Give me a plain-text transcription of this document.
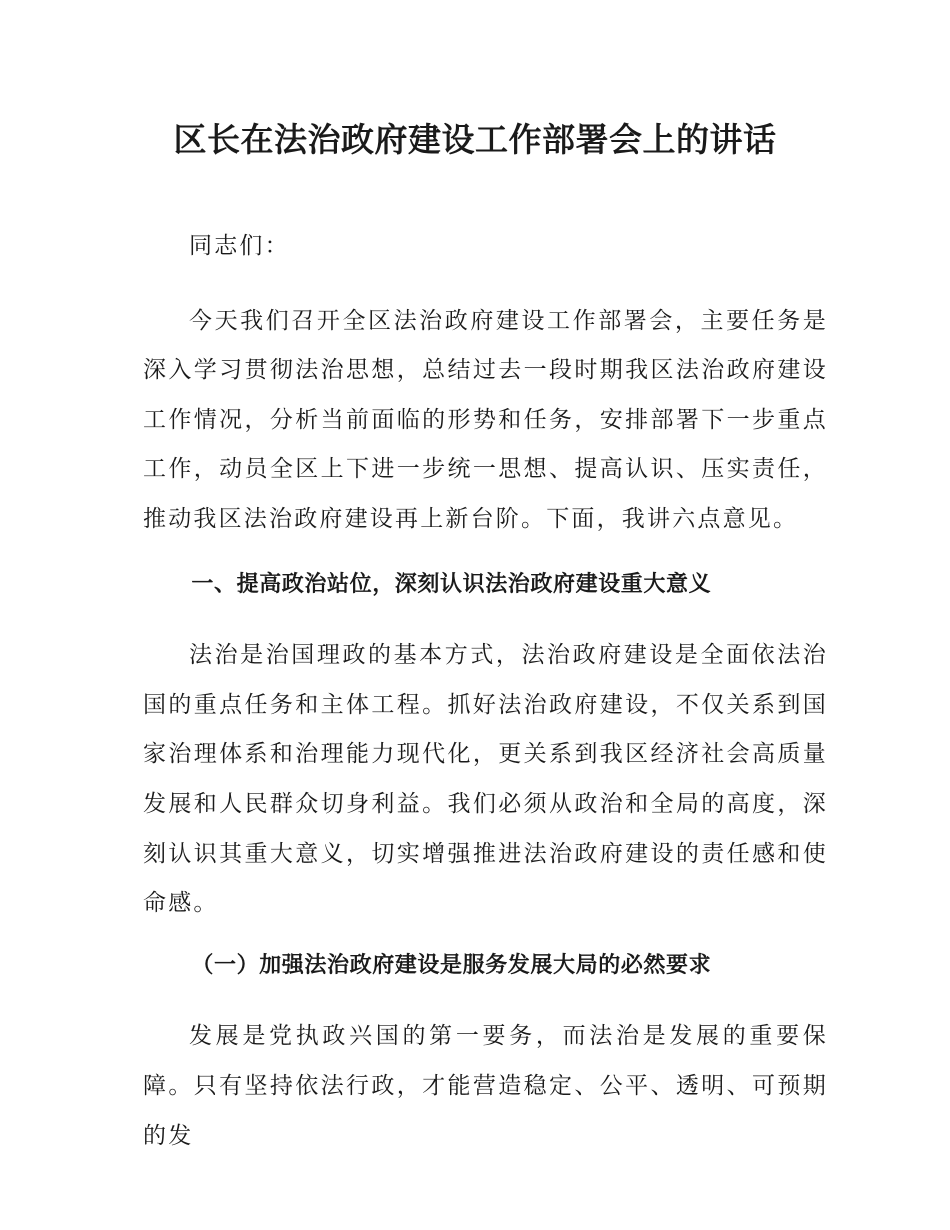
区长在法治政府建设工作部署会上的讲话

同志们：

今天我们召开全区法治政府建设工作部署会，主要任务是深入学习贯彻法治思想，总结过去一段时期我区法治政府建设工作情况，分析当前面临的形势和任务，安排部署下一步重点工作，动员全区上下进一步统一思想、提高认识、压实责任，推动我区法治政府建设再上新台阶。下面，我讲六点意见。

一、提高政治站位，深刻认识法治政府建设重大意义

法治是治国理政的基本方式，法治政府建设是全面依法治国的重点任务和主体工程。抓好法治政府建设，不仅关系到国家治理体系和治理能力现代化，更关系到我区经济社会高质量发展和人民群众切身利益。我们必须从政治和全局的高度，深刻认识其重大意义，切实增强推进法治政府建设的责任感和使命感。

（一）加强法治政府建设是服务发展大局的必然要求

发展是党执政兴国的第一要务，而法治是发展的重要保障。只有坚持依法行政，才能营造稳定、公平、透明、可预期的发
